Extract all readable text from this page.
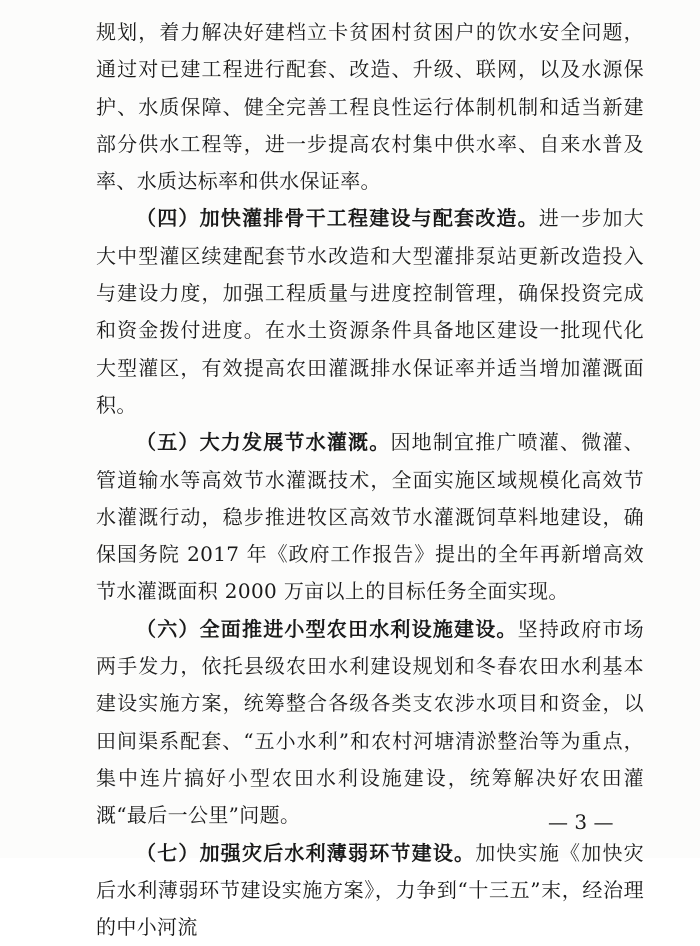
规划，着力解决好建档立卡贫困村贫困户的饮水安全问题，通过对已建工程进行配套、改造、升级、联网，以及水源保护、水质保障、健全完善工程良性运行体制机制和适当新建部分供水工程等，进一步提高农村集中供水率、自来水普及率、水质达标率和供水保证率。

（四）加快灌排骨干工程建设与配套改造。进一步加大大中型灌区续建配套节水改造和大型灌排泵站更新改造投入与建设力度，加强工程质量与进度控制管理，确保投资完成和资金拨付进度。在水土资源条件具备地区建设一批现代化大型灌区，有效提高农田灌溉排水保证率并适当增加灌溉面积。

（五）大力发展节水灌溉。因地制宜推广喷灌、微灌、管道输水等高效节水灌溉技术，全面实施区域规模化高效节水灌溉行动，稳步推进牧区高效节水灌溉饲草料地建设，确保国务院 2017 年《政府工作报告》提出的全年再新增高效节水灌溉面积 2000 万亩以上的目标任务全面实现。

（六）全面推进小型农田水利设施建设。坚持政府市场两手发力，依托县级农田水利建设规划和冬春农田水利基本建设实施方案，统筹整合各级各类支农涉水项目和资金，以田间渠系配套、“五小水利”和农村河塘清淤整治等为重点，集中连片搞好小型农田水利设施建设，统筹解决好农田灌溉“最后一公里”问题。

（七）加强灾后水利薄弱环节建设。加快实施《加快灾后水利薄弱环节建设实施方案》，力争到“十三五”末，经治理的中小河流

— 3 —
